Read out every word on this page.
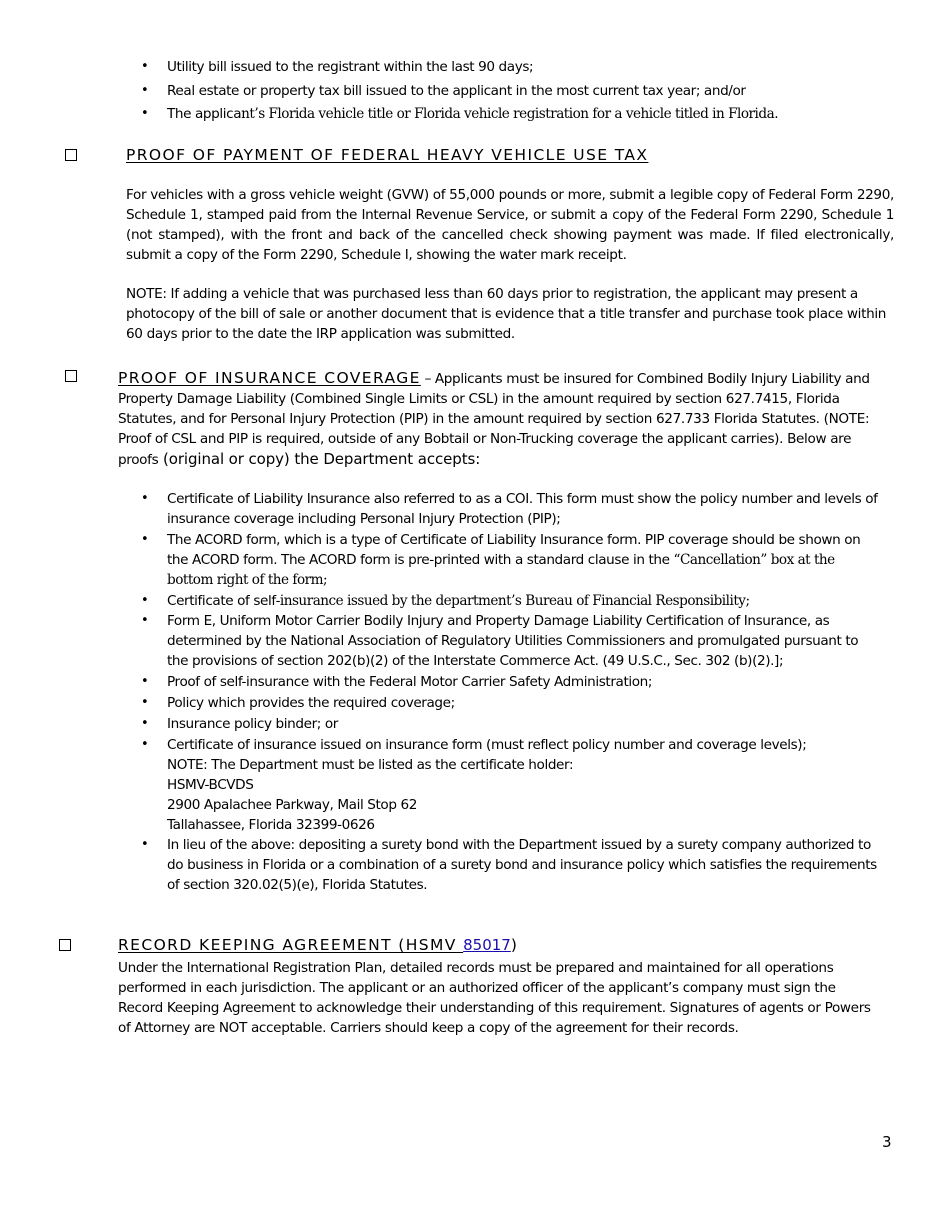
• Utility bill issued to the registrant within the last 90 days;
• Real estate or property tax bill issued to the applicant in the most current tax year; and/or
• The applicant’s Florida vehicle title or Florida vehicle registration for a vehicle titled in Florida.
PROOF OF PAYMENT OF FEDERAL HEAVY VEHICLE USE TAX
For vehicles with a gross vehicle weight (GVW) of 55,000 pounds or more, submit a legible copy of Federal Form 2290, Schedule 1, stamped paid from the Internal Revenue Service, or submit a copy of the Federal Form 2290, Schedule 1 (not stamped), with the front and back of the cancelled check showing payment was made. If filed electronically, submit a copy of the Form 2290, Schedule I, showing the water mark receipt.
NOTE: If adding a vehicle that was purchased less than 60 days prior to registration, the applicant may present a photocopy of the bill of sale or another document that is evidence that a title transfer and purchase took place within 60 days prior to the date the IRP application was submitted.
PROOF OF INSURANCE COVERAGE – Applicants must be insured for Combined Bodily Injury Liability and Property Damage Liability (Combined Single Limits or CSL) in the amount required by section 627.7415, Florida Statutes, and for Personal Injury Protection (PIP) in the amount required by section 627.733 Florida Statutes. (NOTE: Proof of CSL and PIP is required, outside of any Bobtail or Non-Trucking coverage the applicant carries). Below are proofs (original or copy) the Department accepts:
• Certificate of Liability Insurance also referred to as a COI. This form must show the policy number and levels of insurance coverage including Personal Injury Protection (PIP);
• The ACORD form, which is a type of Certificate of Liability Insurance form. PIP coverage should be shown on the ACORD form. The ACORD form is pre-printed with a standard clause in the “Cancellation” box at the bottom right of the form;
• Certificate of self-insurance issued by the department’s Bureau of Financial Responsibility;
• Form E, Uniform Motor Carrier Bodily Injury and Property Damage Liability Certification of Insurance, as determined by the National Association of Regulatory Utilities Commissioners and promulgated pursuant to the provisions of section 202(b)(2) of the Interstate Commerce Act. (49 U.S.C., Sec. 302 (b)(2).];
• Proof of self-insurance with the Federal Motor Carrier Safety Administration;
• Policy which provides the required coverage;
• Insurance policy binder; or
• Certificate of insurance issued on insurance form (must reflect policy number and coverage levels);
NOTE: The Department must be listed as the certificate holder:
HSMV-BCVDS
2900 Apalachee Parkway, Mail Stop 62
Tallahassee, Florida 32399-0626
• In lieu of the above: depositing a surety bond with the Department issued by a surety company authorized to do business in Florida or a combination of a surety bond and insurance policy which satisfies the requirements of section 320.02(5)(e), Florida Statutes.
RECORD KEEPING AGREEMENT (HSMV 85017)
Under the International Registration Plan, detailed records must be prepared and maintained for all operations performed in each jurisdiction. The applicant or an authorized officer of the applicant’s company must sign the Record Keeping Agreement to acknowledge their understanding of this requirement. Signatures of agents or Powers of Attorney are NOT acceptable. Carriers should keep a copy of the agreement for their records.
3
